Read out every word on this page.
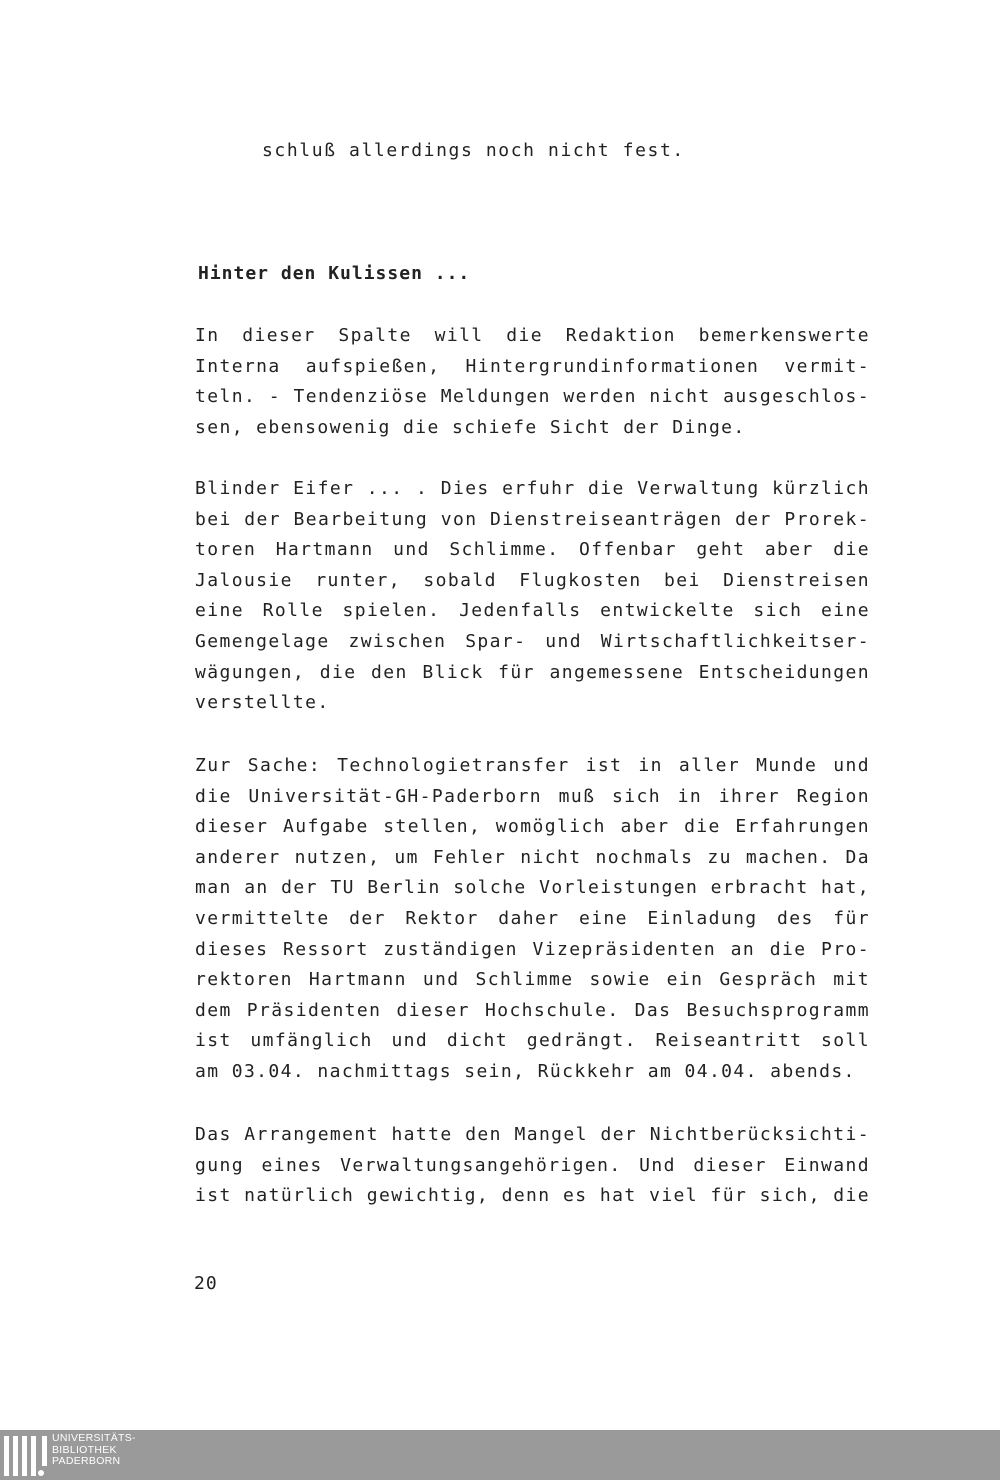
schluß allerdings noch nicht fest.
Hinter den Kulissen ...
In dieser Spalte will die Redaktion bemerkenswerte
Interna aufspießen, Hintergrundinformationen vermit-
teln. - Tendenziöse Meldungen werden nicht ausgeschlos-
sen, ebensowenig die schiefe Sicht der Dinge.
Blinder Eifer ... . Dies erfuhr die Verwaltung kürzlich
bei der Bearbeitung von Dienstreiseanträgen der Prorek-
toren Hartmann und Schlimme. Offenbar geht aber die
Jalousie runter, sobald Flugkosten bei Dienstreisen
eine Rolle spielen. Jedenfalls entwickelte sich eine
Gemengelage zwischen Spar- und Wirtschaftlichkeitser-
wägungen, die den Blick für angemessene Entscheidungen
verstellte.
Zur Sache: Technologietransfer ist in aller Munde und
die Universität-GH-Paderborn muß sich in ihrer Region
dieser Aufgabe stellen, womöglich aber die Erfahrungen
anderer nutzen, um Fehler nicht nochmals zu machen. Da
man an der TU Berlin solche Vorleistungen erbracht hat,
vermittelte der Rektor daher eine Einladung des für
dieses Ressort zuständigen Vizepräsidenten an die Pro-
rektoren Hartmann und Schlimme sowie ein Gespräch mit
dem Präsidenten dieser Hochschule. Das Besuchsprogramm
ist umfänglich und dicht gedrängt. Reiseantritt soll
am 03.04. nachmittags sein, Rückkehr am 04.04. abends.
Das Arrangement hatte den Mangel der Nichtberücksichti-
gung eines Verwaltungsangehörigen. Und dieser Einwand
ist natürlich gewichtig, denn es hat viel für sich, die
20
UNIVERSITÄTS-
BIBLIOTHEK
PADERBORN
